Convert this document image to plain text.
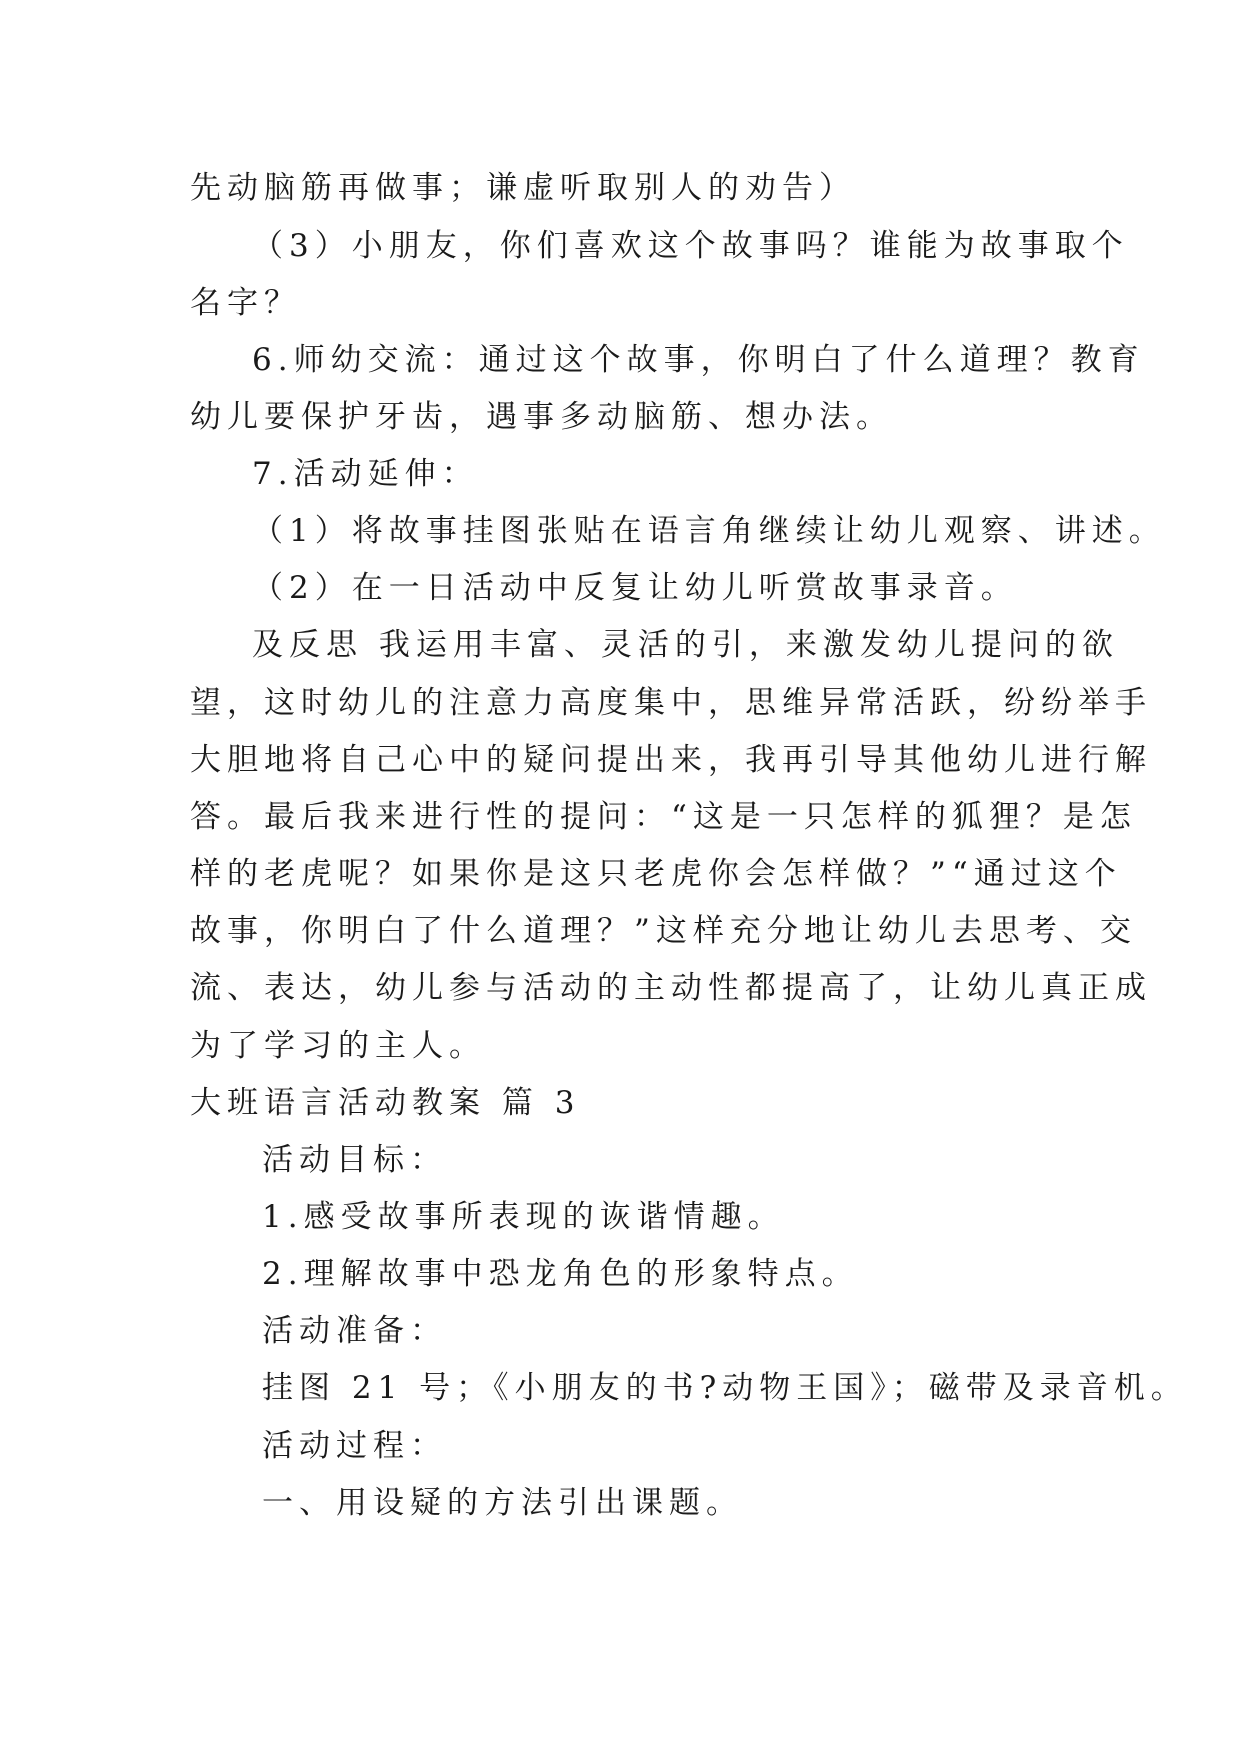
先动脑筋再做事；谦虚听取别人的劝告）
（3）小朋友，你们喜欢这个故事吗？谁能为故事取个
名字？
6.师幼交流：通过这个故事，你明白了什么道理？教育
幼儿要保护牙齿，遇事多动脑筋、想办法。
7.活动延伸：
（1）将故事挂图张贴在语言角继续让幼儿观察、讲述。
（2）在一日活动中反复让幼儿听赏故事录音。
及反思 我运用丰富、灵活的引，来激发幼儿提问的欲
望，这时幼儿的注意力高度集中，思维异常活跃，纷纷举手
大胆地将自己心中的疑问提出来，我再引导其他幼儿进行解
答。最后我来进行性的提问：“这是一只怎样的狐狸？是怎
样的老虎呢？如果你是这只老虎你会怎样做？”“通过这个
故事，你明白了什么道理？”这样充分地让幼儿去思考、交
流、表达，幼儿参与活动的主动性都提高了，让幼儿真正成
为了学习的主人。
大班语言活动教案 篇 3
活动目标：
1.感受故事所表现的诙谐情趣。
2.理解故事中恐龙角色的形象特点。
活动准备：
挂图 21 号；《小朋友的书?动物王国》；磁带及录音机。
活动过程：
一、用设疑的方法引出课题。
